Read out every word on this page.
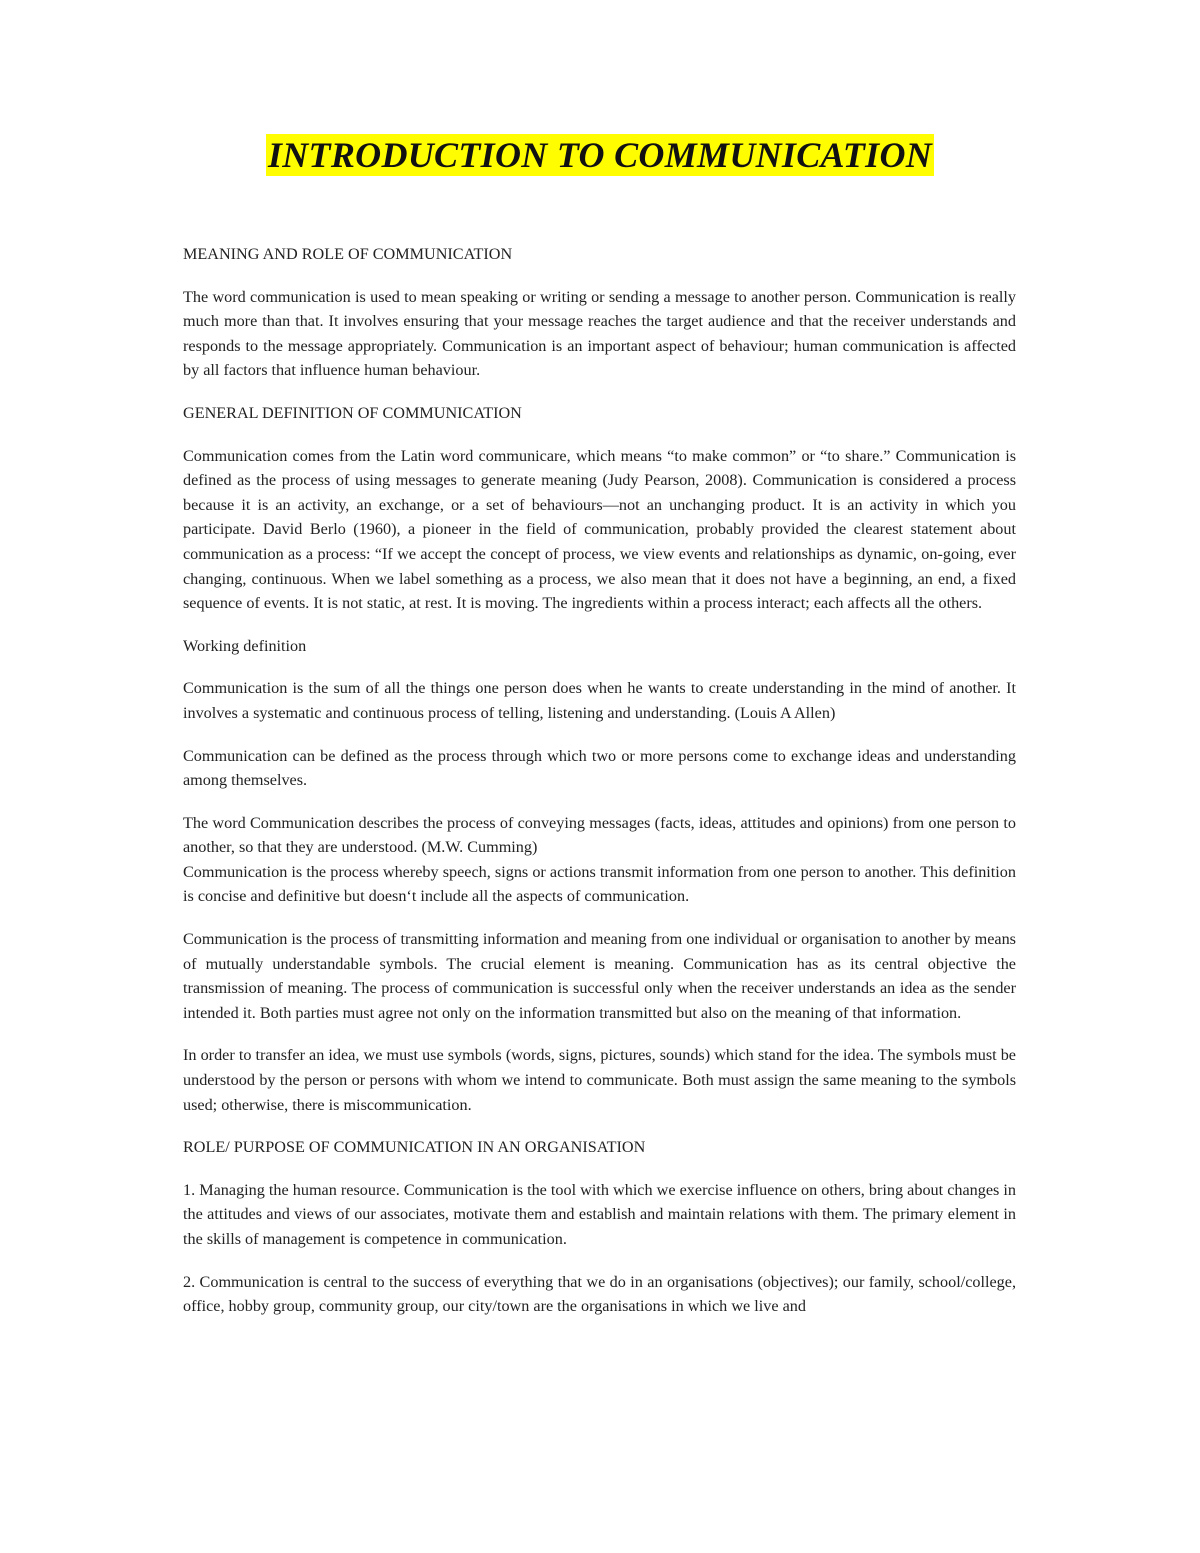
INTRODUCTION TO COMMUNICATION
MEANING AND ROLE OF COMMUNICATION
The word communication is used to mean speaking or writing or sending a message to another person. Communication is really much more than that. It involves ensuring that your message reaches the target audience and that the receiver understands and responds to the message appropriately. Communication is an important aspect of behaviour; human communication is affected by all factors that influence human behaviour.
GENERAL DEFINITION OF COMMUNICATION
Communication comes from the Latin word communicare, which means “to make common” or “to share.” Communication is defined as the process of using messages to generate meaning (Judy Pearson, 2008). Communication is considered a process because it is an activity, an exchange, or a set of behaviours—not an unchanging product. It is an activity in which you participate. David Berlo (1960), a pioneer in the field of communication, probably provided the clearest statement about communication as a process: “If we accept the concept of process, we view events and relationships as dynamic, on-going, ever changing, continuous. When we label something as a process, we also mean that it does not have a beginning, an end, a fixed sequence of events. It is not static, at rest. It is moving. The ingredients within a process interact; each affects all the others.
Working definition
Communication is the sum of all the things one person does when he wants to create understanding in the mind of another. It involves a systematic and continuous process of telling, listening and understanding. (Louis A Allen)
Communication can be defined as the process through which two or more persons come to exchange ideas and understanding among themselves.
The word Communication describes the process of conveying messages (facts, ideas, attitudes and opinions) from one person to another, so that they are understood. (M.W. Cumming)
Communication is the process whereby speech, signs or actions transmit information from one person to another. This definition is concise and definitive but doesn‘t include all the aspects of communication.
Communication is the process of transmitting information and meaning from one individual or organisation to another by means of mutually understandable symbols. The crucial element is meaning. Communication has as its central objective the transmission of meaning. The process of communication is successful only when the receiver understands an idea as the sender intended it. Both parties must agree not only on the information transmitted but also on the meaning of that information.
In order to transfer an idea, we must use symbols (words, signs, pictures, sounds) which stand for the idea. The symbols must be understood by the person or persons with whom we intend to communicate. Both must assign the same meaning to the symbols used; otherwise, there is miscommunication.
ROLE/ PURPOSE OF COMMUNICATION IN AN ORGANISATION
1. Managing the human resource. Communication is the tool with which we exercise influence on others, bring about changes in the attitudes and views of our associates, motivate them and establish and maintain relations with them. The primary element in the skills of management is competence in communication.
2. Communication is central to the success of everything that we do in an organisations (objectives); our family, school/college, office, hobby group, community group, our city/town are the organisations in which we live and
